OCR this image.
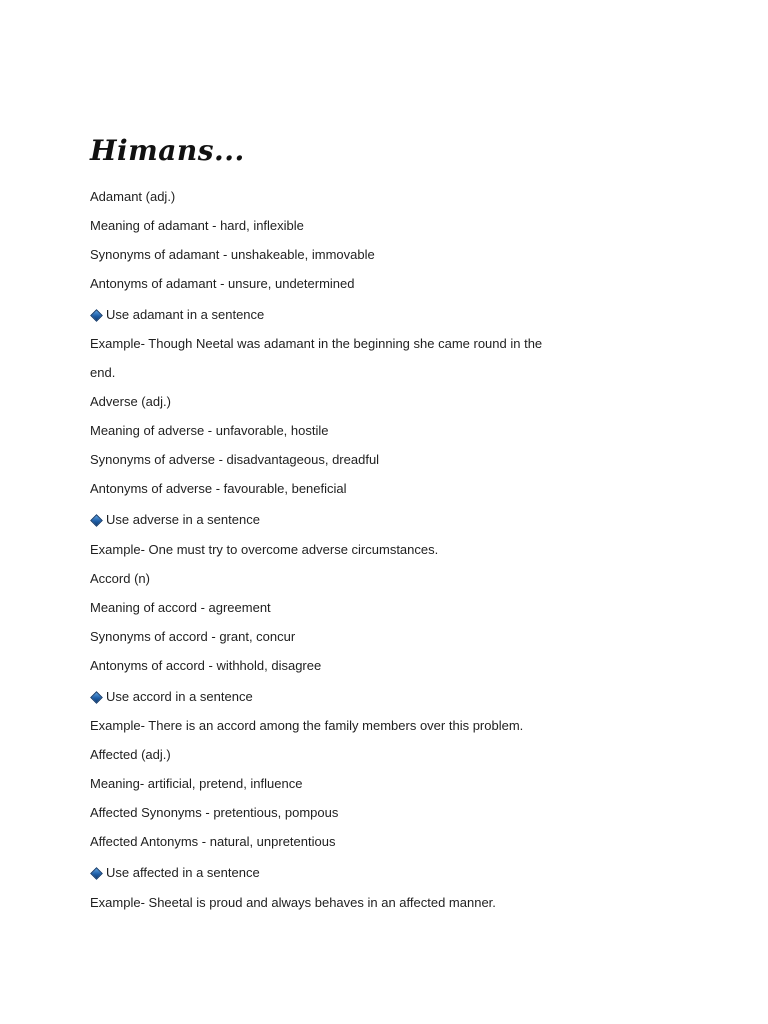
Himans...
Adamant (adj.)
Meaning of adamant - hard, inflexible
Synonyms of adamant - unshakeable, immovable
Antonyms of adamant - unsure, undetermined
Use adamant in a sentence
Example- Though Neetal was adamant in the beginning she came round in the
end.
Adverse (adj.)
Meaning of adverse - unfavorable, hostile
Synonyms of adverse - disadvantageous, dreadful
Antonyms of adverse - favourable, beneficial
Use adverse in a sentence
Example- One must try to overcome adverse circumstances.
Accord (n)
Meaning of accord - agreement
Synonyms of accord - grant, concur
Antonyms of accord - withhold, disagree
Use accord in a sentence
Example- There is an accord among the family members over this problem.
Affected (adj.)
Meaning- artificial, pretend, influence
Affected Synonyms - pretentious, pompous
Affected Antonyms - natural, unpretentious
Use affected in a sentence
Example- Sheetal is proud and always behaves in an affected manner.
